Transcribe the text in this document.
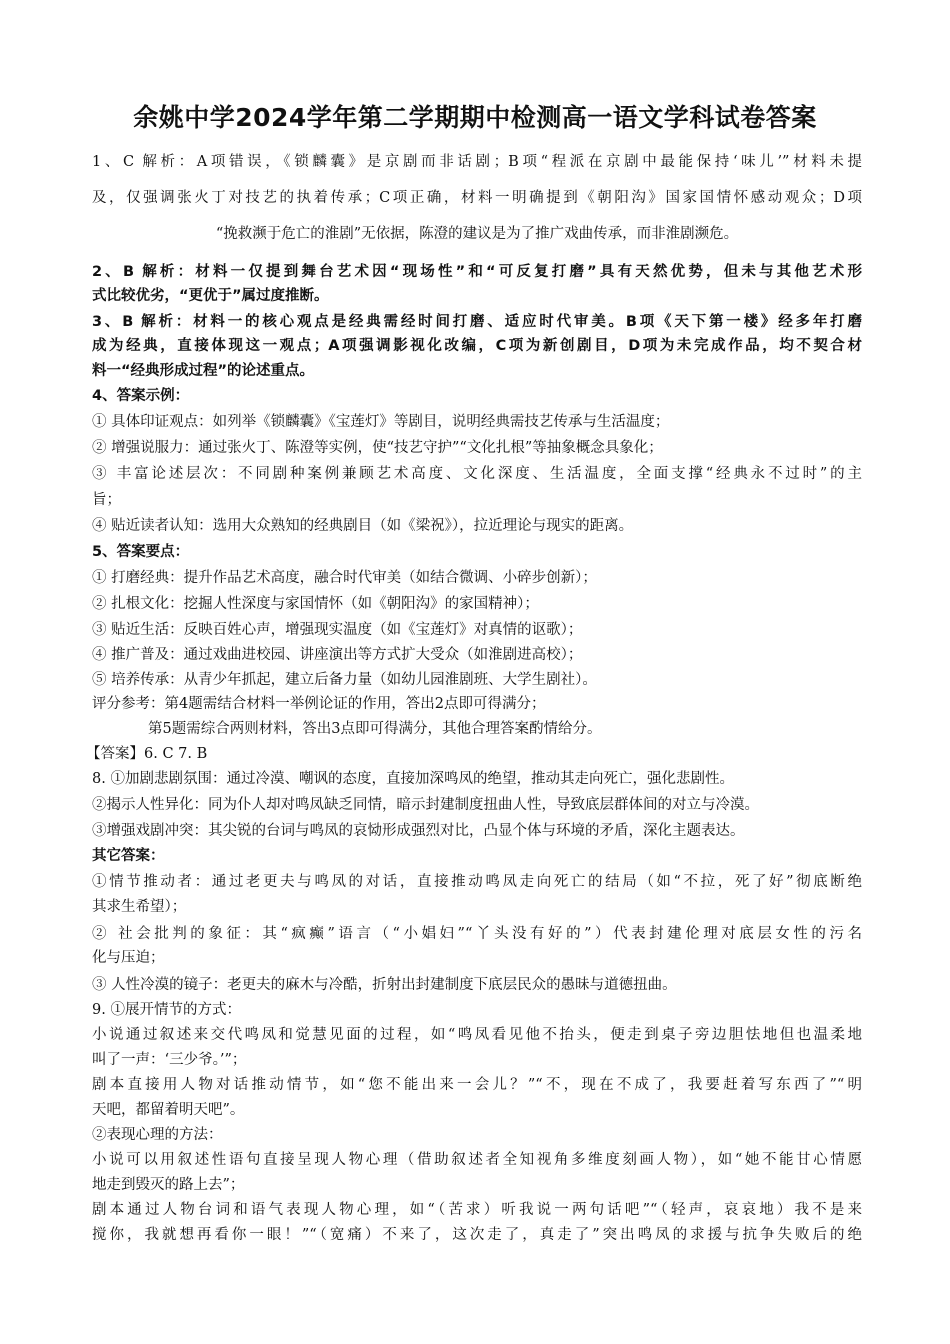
余姚中学2024学年第二学期期中检测高一语文学科试卷答案
1、C 解析：A项错误，《锁麟囊》是京剧而非话剧；B项“程派在京剧中最能保持‘味儿’”材料未提
及，仅强调张火丁对技艺的执着传承；C项正确，材料一明确提到《朝阳沟》国家国情怀感动观众；D项
“挽救濒于危亡的淮剧”无依据，陈澄的建议是为了推广戏曲传承，而非淮剧濒危。
2、B 解析：材料一仅提到舞台艺术因“现场性”和“可反复打磨”具有天然优势，但未与其他艺术形
式比较优劣，“更优于”属过度推断。
3、B 解析：材料一的核心观点是经典需经时间打磨、适应时代审美。B项《天下第一楼》经多年打磨
成为经典，直接体现这一观点；A项强调影视化改编，C项为新创剧目，D项为未完成作品，均不契合材
料一“经典形成过程”的论述重点。
4、答案示例：
① 具体印证观点：如列举《锁麟囊》《宝莲灯》等剧目，说明经典需技艺传承与生活温度；
② 增强说服力：通过张火丁、陈澄等实例，使“技艺守护”“文化扎根”等抽象概念具象化；
③ 丰富论述层次：不同剧种案例兼顾艺术高度、文化深度、生活温度，全面支撑“经典永不过时”的主
旨；
④ 贴近读者认知：选用大众熟知的经典剧目（如《梁祝》），拉近理论与现实的距离。
5、答案要点：
① 打磨经典：提升作品艺术高度，融合时代审美（如结合微调、小碎步创新）；
② 扎根文化：挖掘人性深度与家国情怀（如《朝阳沟》的家国精神）；
③ 贴近生活：反映百姓心声，增强现实温度（如《宝莲灯》对真情的讴歌）；
④ 推广普及：通过戏曲进校园、讲座演出等方式扩大受众（如淮剧进高校）；
⑤ 培养传承：从青少年抓起，建立后备力量（如幼儿园淮剧班、大学生剧社）。
评分参考：第4题需结合材料一举例论证的作用，答出2点即可得满分；
第5题需综合两则材料，答出3点即可得满分，其他合理答案酌情给分。
【答案】6. C 7. B
8. ①加剧悲剧氛围：通过冷漠、嘲讽的态度，直接加深鸣凤的绝望，推动其走向死亡，强化悲剧性。
②揭示人性异化：同为仆人却对鸣凤缺乏同情，暗示封建制度扭曲人性，导致底层群体间的对立与冷漠。
③增强戏剧冲突：其尖锐的台词与鸣凤的哀恸形成强烈对比，凸显个体与环境的矛盾，深化主题表达。
其它答案：
①情节推动者：通过老更夫与鸣凤的对话，直接推动鸣凤走向死亡的结局（如“不拉，死了好”彻底断绝
其求生希望）；
② 社会批判的象征：其“疯癫”语言（“小娼妇”“丫头没有好的”）代表封建伦理对底层女性的污名
化与压迫；
③ 人性冷漠的镜子：老更夫的麻木与冷酷，折射出封建制度下底层民众的愚昧与道德扭曲。
9. ①展开情节的方式：
小说通过叙述来交代鸣凤和觉慧见面的过程，如“鸣凤看见他不抬头，便走到桌子旁边胆怯地但也温柔地
叫了一声：‘三少爷。’”；
剧本直接用人物对话推动情节，如“您不能出来一会儿？”“不，现在不成了，我要赶着写东西了”“明
天吧，都留着明天吧”。
②表现心理的方法：
小说可以用叙述性语句直接呈现人物心理（借助叙述者全知视角多维度刻画人物），如“她不能甘心情愿
地走到毁灭的路上去”；
剧本通过人物台词和语气表现人物心理，如“（苦求）听我说一两句话吧”“（轻声，哀哀地）我不是来
搅你，我就想再看你一眼！”“（宽痛）不来了，这次走了，真走了”突出鸣凤的求援与抗争失败后的绝
